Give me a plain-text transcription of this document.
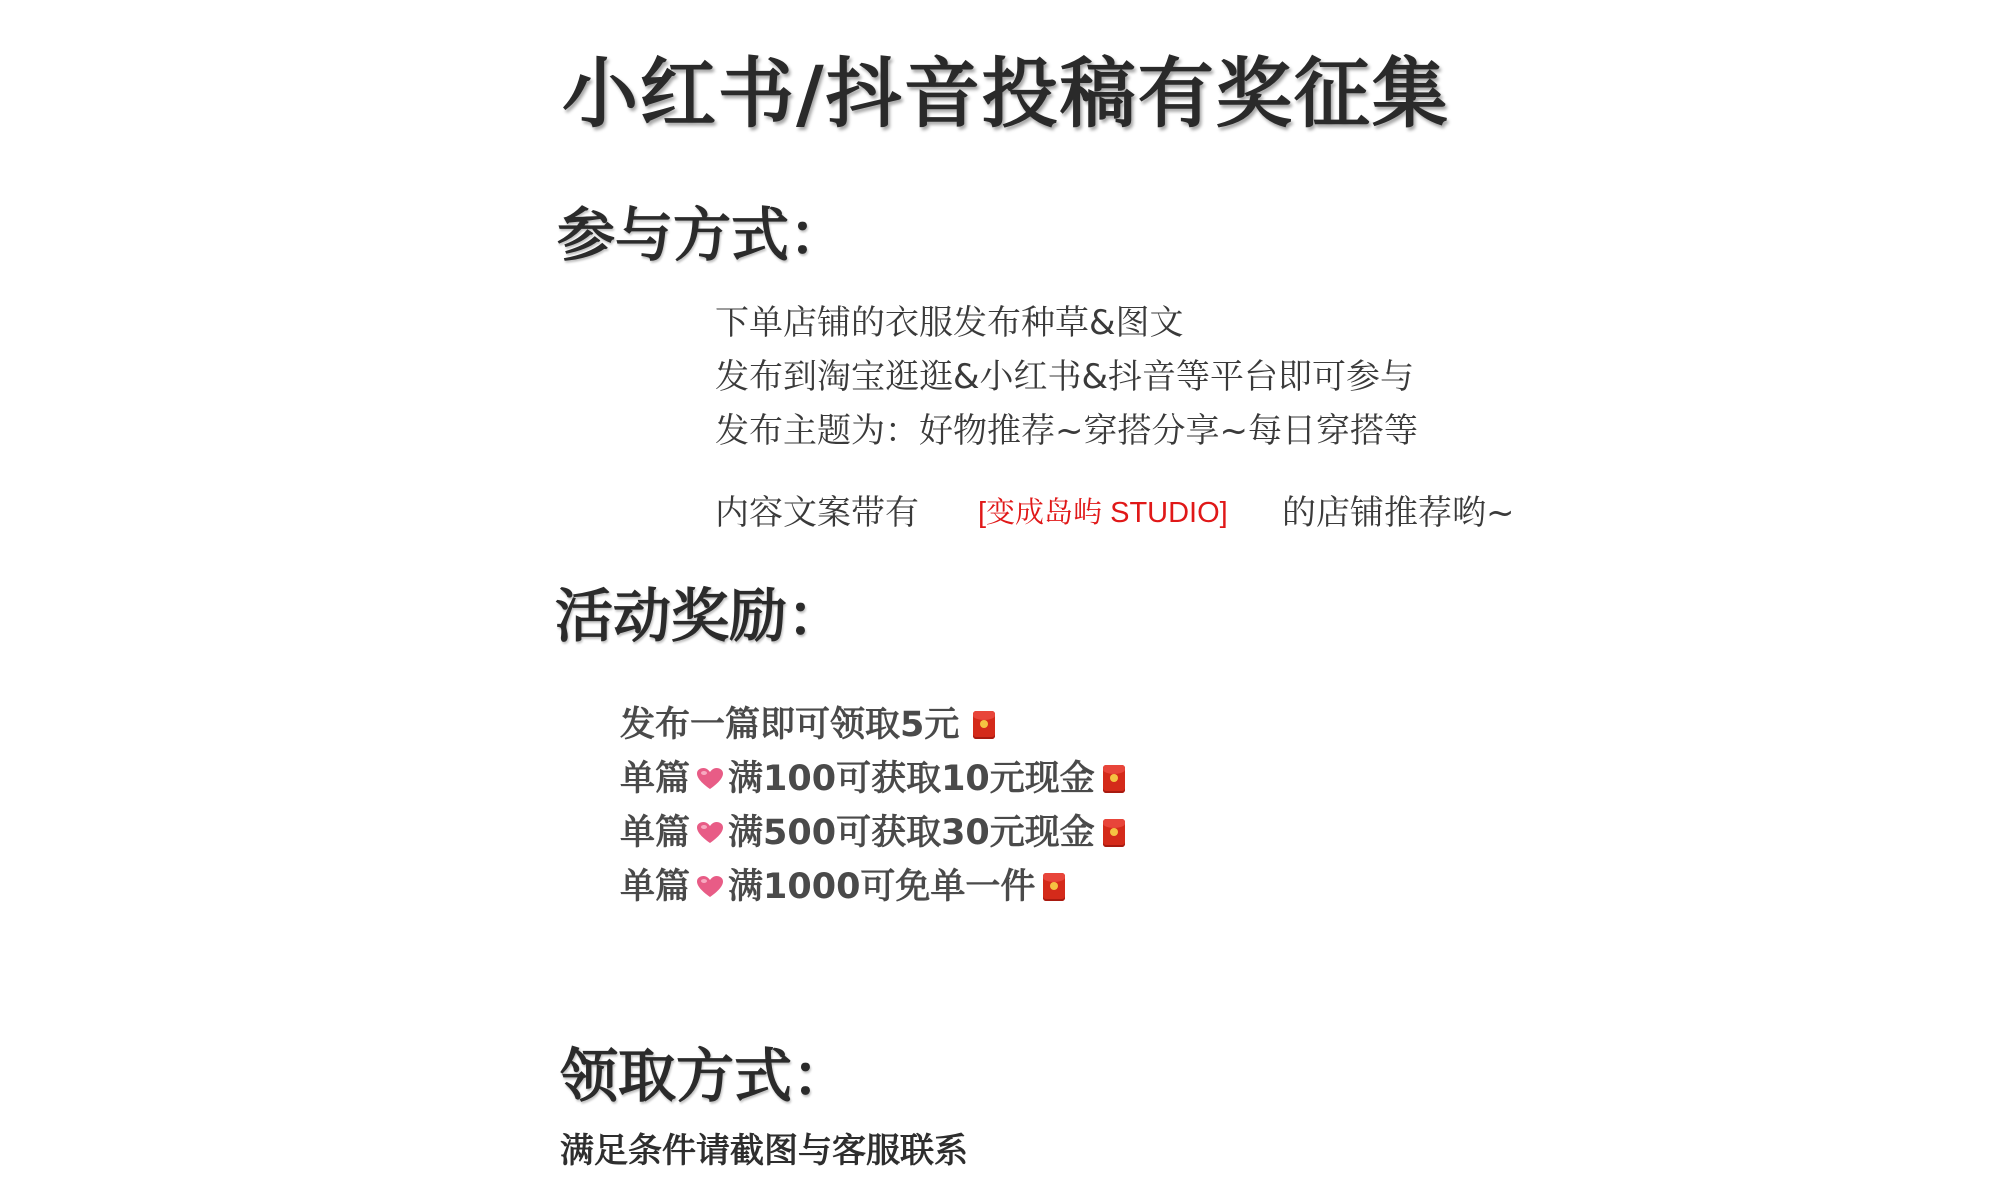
小红书/抖音投稿有奖征集
参与方式：
下单店铺的衣服发布种草&图文
发布到淘宝逛逛&小红书&抖音等平台即可参与
发布主题为：好物推荐~穿搭分享~每日穿搭等
内容文案带有 [变成岛屿 STUDIO] 的店铺推荐哟~
活动奖励：
发布一篇即可领取5元
单篇 满100可获取10元现金
单篇 满500可获取30元现金
单篇 满1000可免单一件
领取方式：
满足条件请截图与客服联系
